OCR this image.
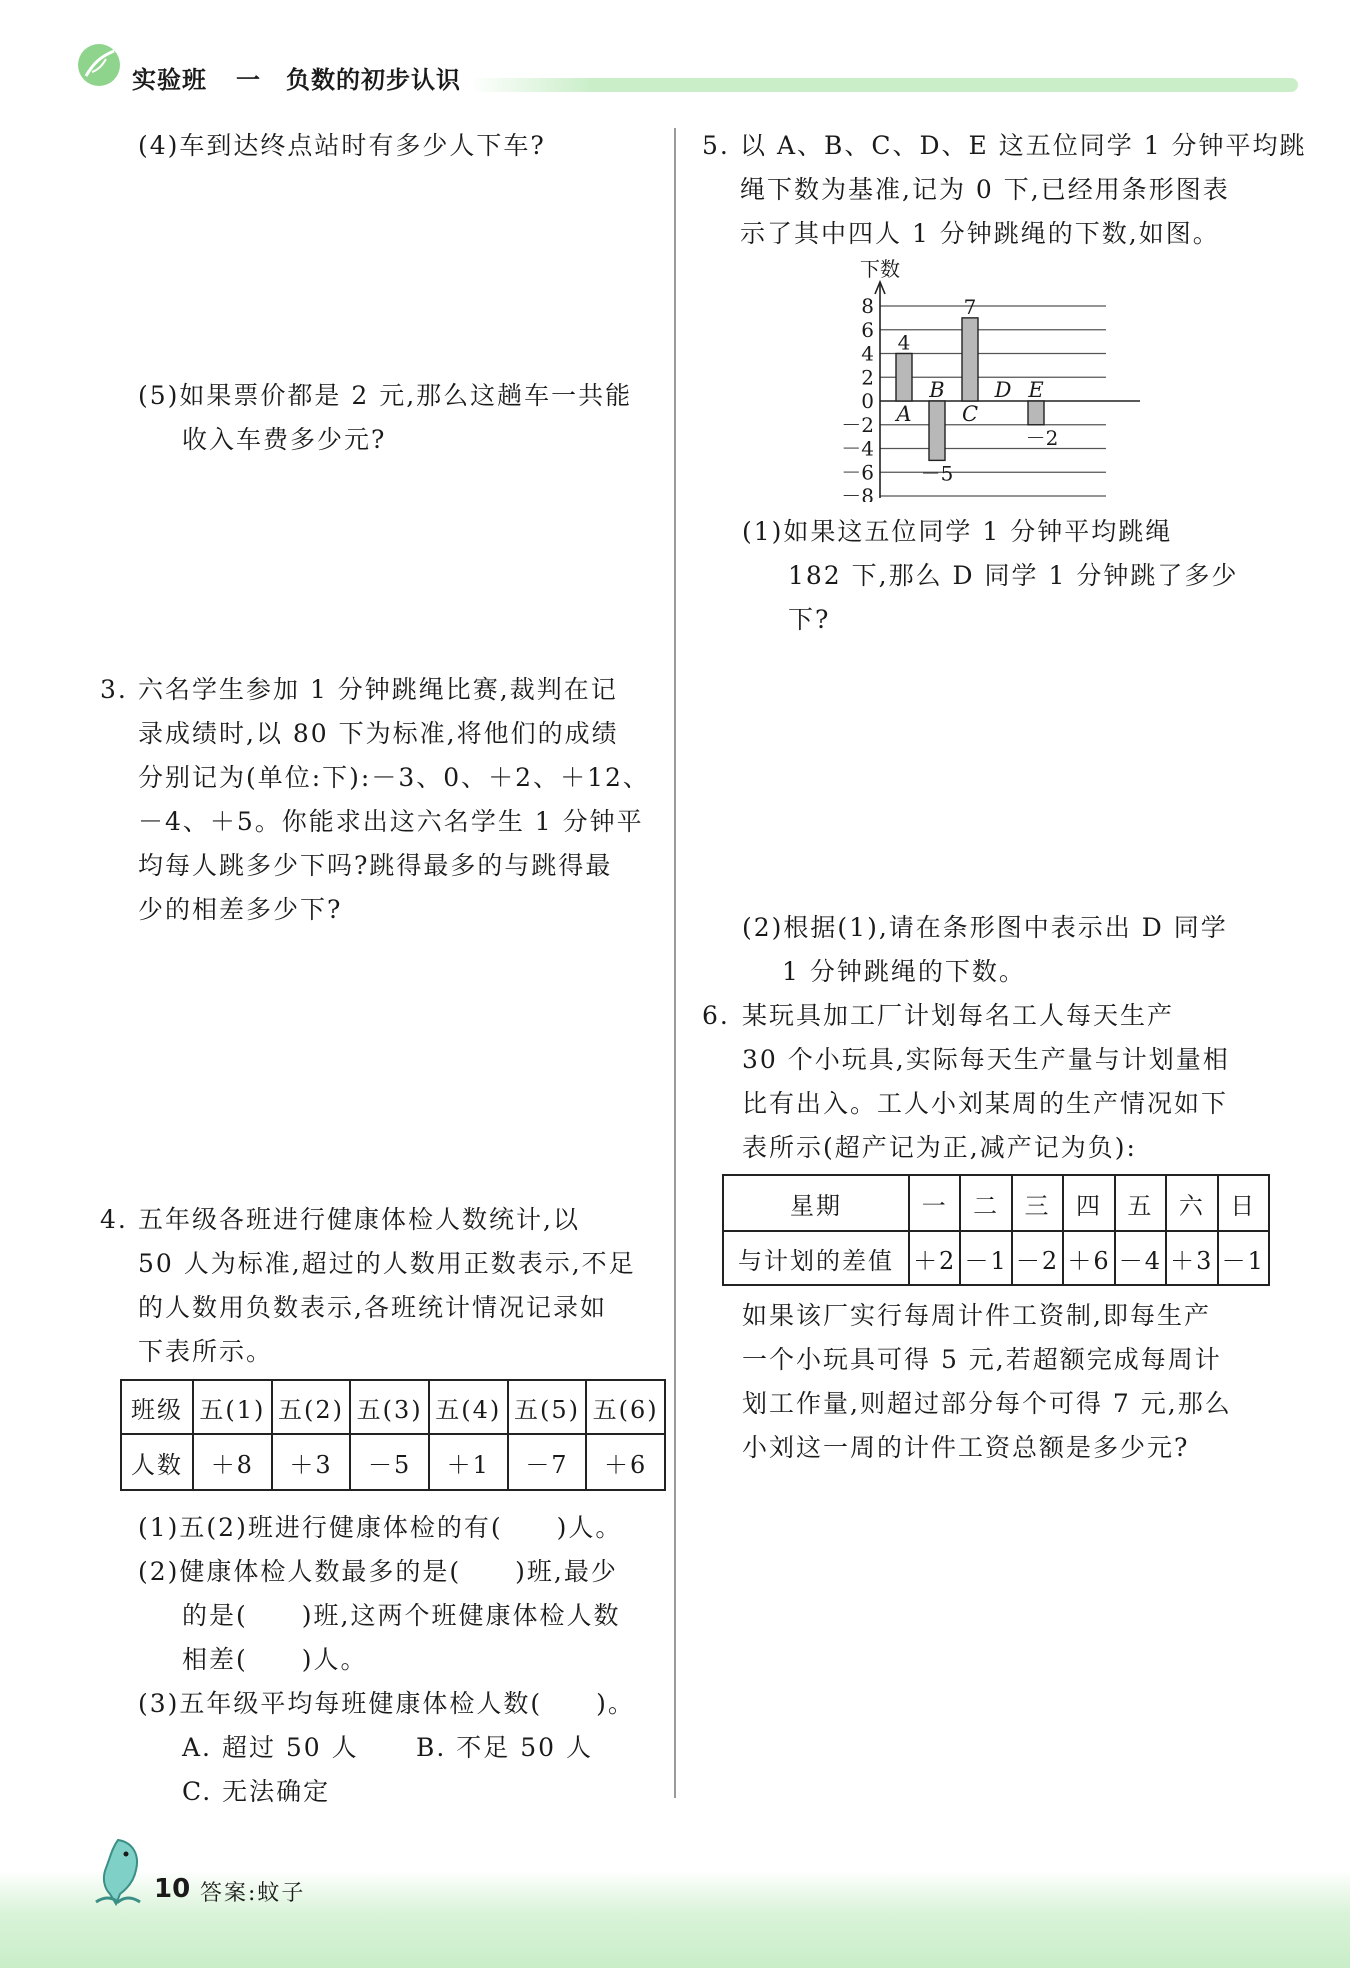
实验班 一　负数的初步认识
(4)车到达终点站时有多少人下车?
(5)如果票价都是 2 元,那么这趟车一共能
收入车费多少元?
3. 六名学生参加 1 分钟跳绳比赛,裁判在记
录成绩时,以 80 下为标准,将他们的成绩
分别记为(单位:下):－3、0、＋2、＋12、
－4、＋5。你能求出这六名学生 1 分钟平
均每人跳多少下吗?跳得最多的与跳得最
少的相差多少下?
4. 五年级各班进行健康体检人数统计,以
50 人为标准,超过的人数用正数表示,不足
的人数用负数表示,各班统计情况记录如
下表所示。
班级	五(1)	五(2)	五(3)	五(4)	五(5)	五(6)
人数	＋8	＋3	－5	＋1	－7	＋6
(1)五(2)班进行健康体检的有(　　)人。
(2)健康体检人数最多的是(　　)班,最少
的是(　　)班,这两个班健康体检人数
相差(　　)人。
(3)五年级平均每班健康体检人数(　　)。
A. 超过 50 人 B. 不足 50 人
C. 无法确定
5. 以 A、B、C、D、E 这五位同学 1 分钟平均跳
绳下数为基准,记为 0 下,已经用条形图表
示了其中四人 1 分钟跳绳的下数,如图。
下数
8
6
4
2
0
－2
－4
－6
－8
4
A
－5
B
7
C
D
－2
E
(1)如果这五位同学 1 分钟平均跳绳
182 下,那么 D 同学 1 分钟跳了多少
下?
(2)根据(1),请在条形图中表示出 D 同学
1 分钟跳绳的下数。
6. 某玩具加工厂计划每名工人每天生产
30 个小玩具,实际每天生产量与计划量相
比有出入。工人小刘某周的生产情况如下
表所示(超产记为正,减产记为负):
星期	一	二	三	四	五	六	日
与计划的差值	＋2	－1	－2	＋6	－4	＋3	－1
如果该厂实行每周计件工资制,即每生产
一个小玩具可得 5 元,若超额完成每周计
划工作量,则超过部分每个可得 7 元,那么
小刘这一周的计件工资总额是多少元?
10 答案:蚊子
